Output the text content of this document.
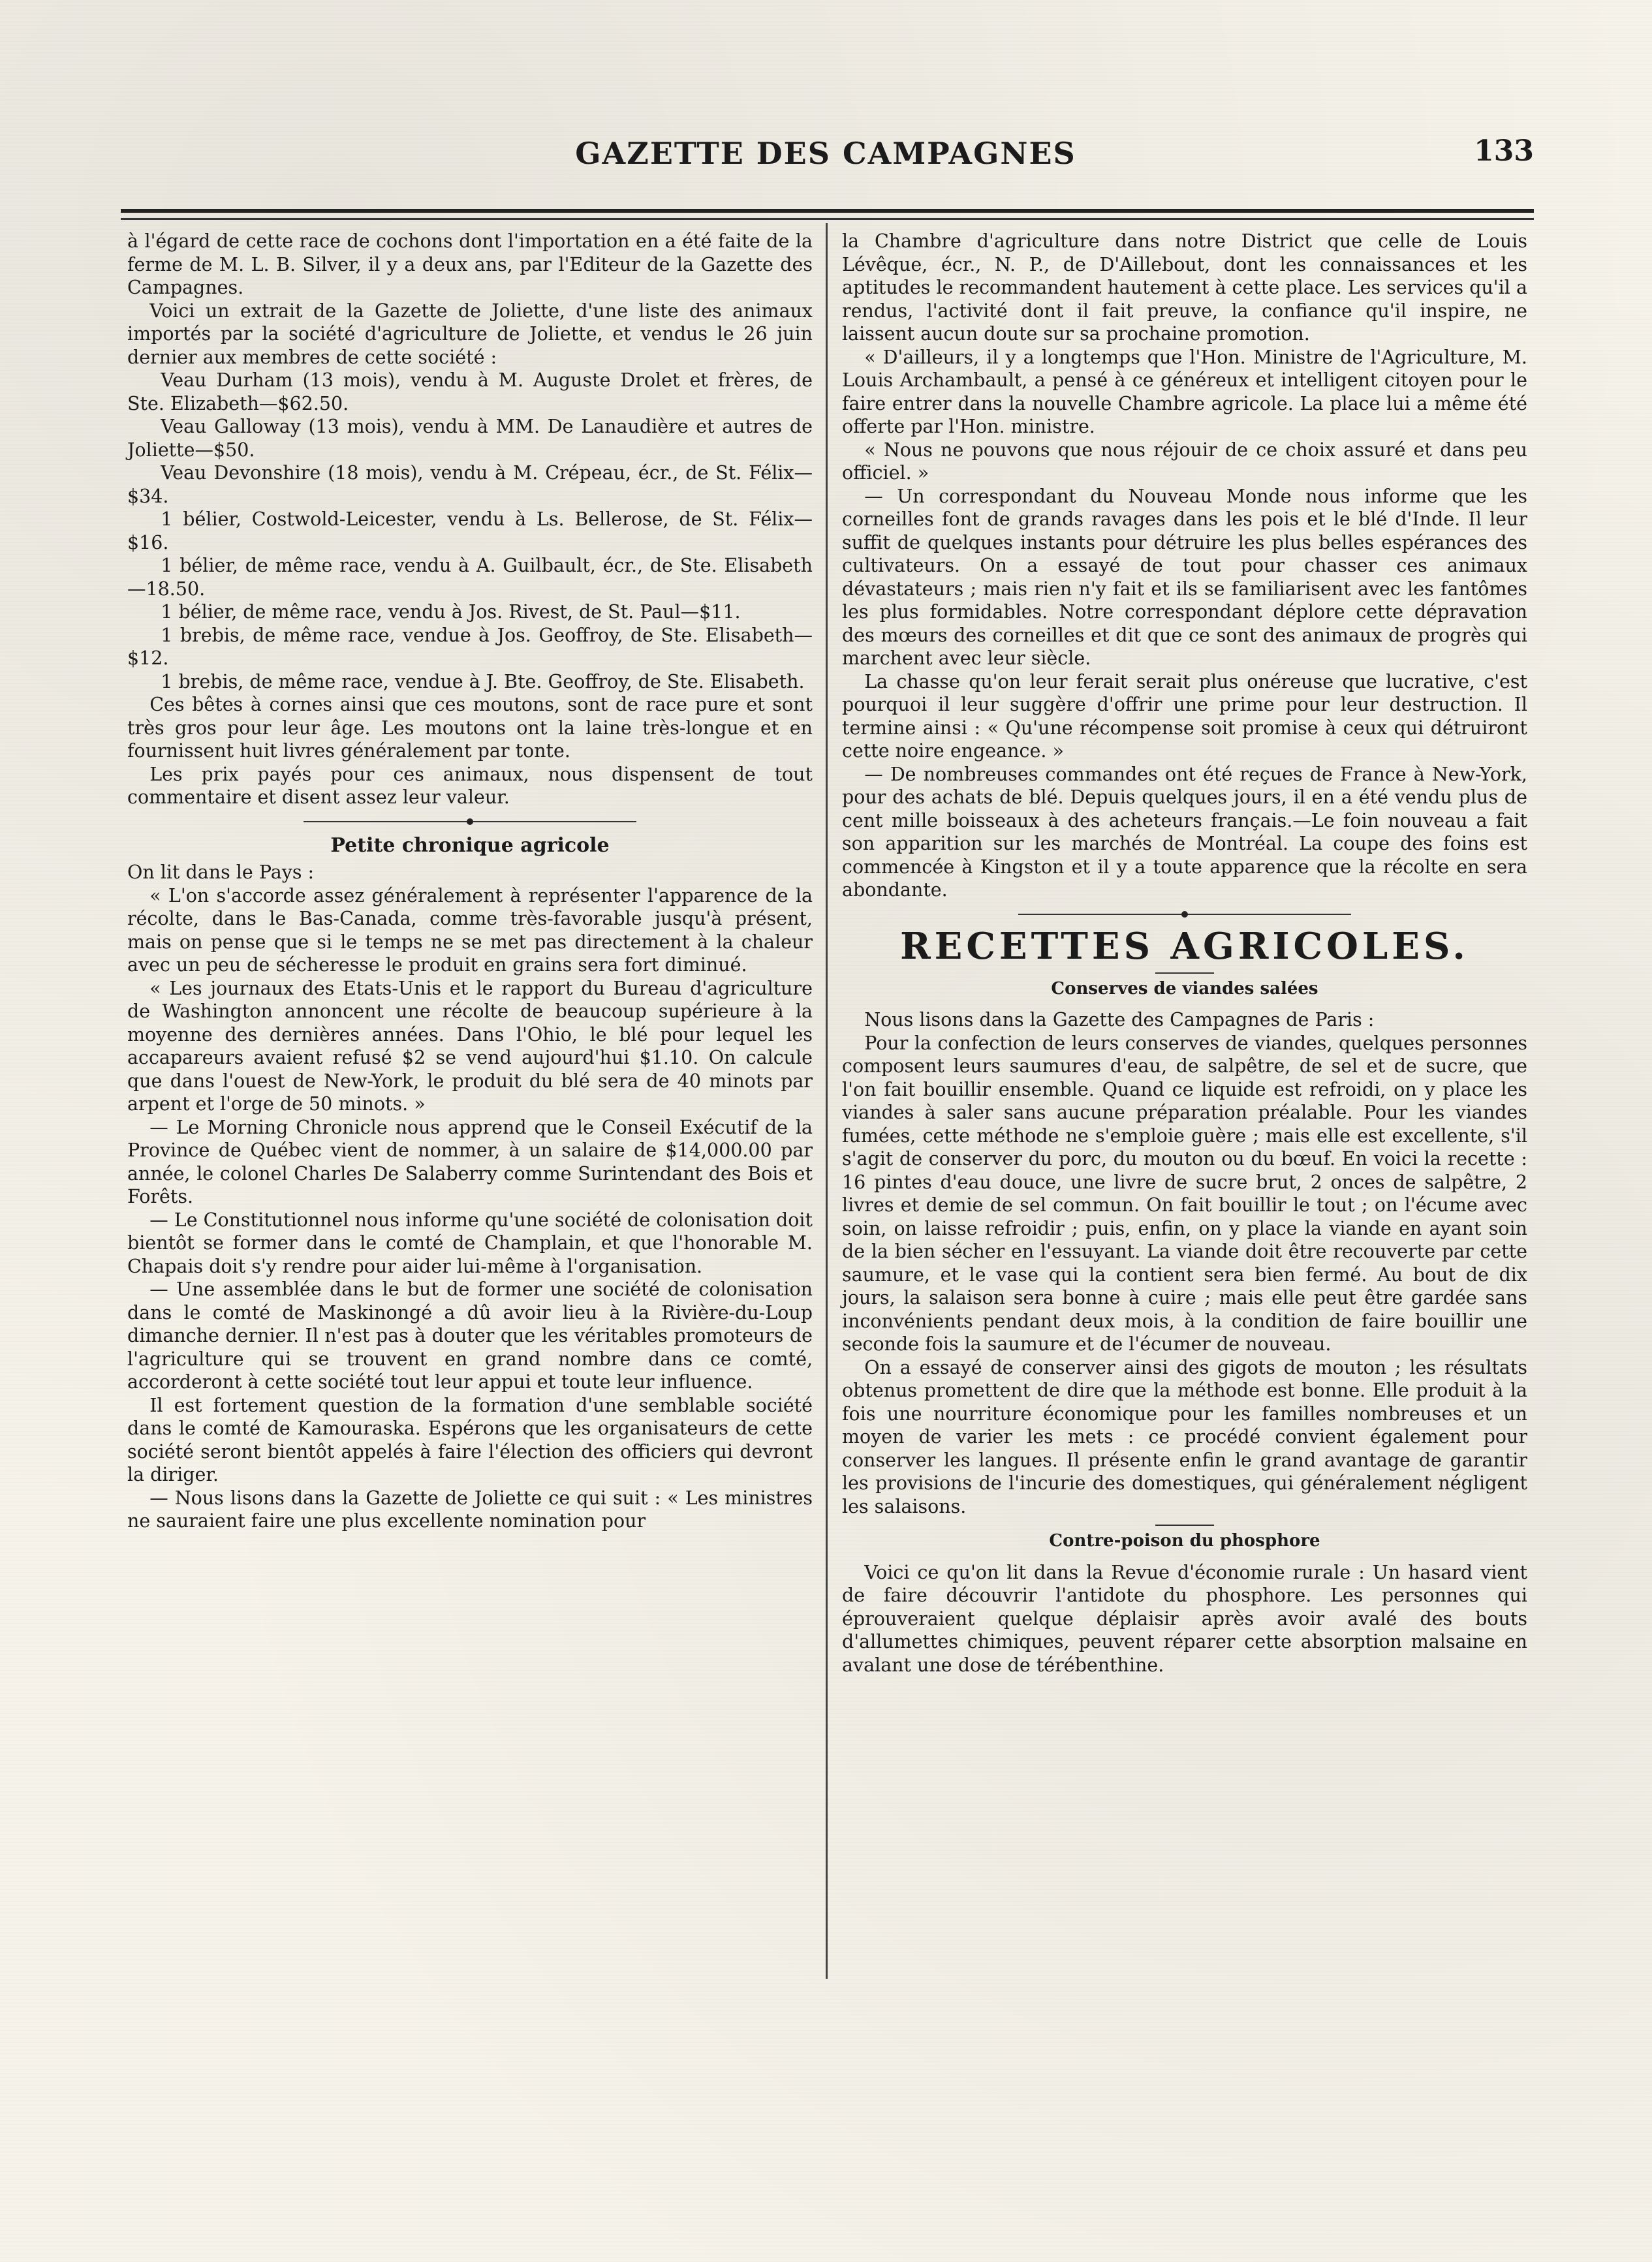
GAZETTE DES CAMPAGNES	133

à l'égard de cette race de cochons dont l'importation en a été faite de la ferme de M. L. B. Silver, il y a deux ans, par l'Editeur de la Gazette des Campagnes.

Voici un extrait de la Gazette de Joliette, d'une liste des animaux importés par la société d'agriculture de Joliette, et vendus le 26 juin dernier aux membres de cette société :

Veau Durham (13 mois), vendu à M. Auguste Drolet et frères, de Ste. Elizabeth—$62.50.

Veau Galloway (13 mois), vendu à MM. De Lanaudière et autres de Joliette—$50.

Veau Devonshire (18 mois), vendu à M. Crépeau, écr., de St. Félix—$34.

1 bélier, Costwold-Leicester, vendu à Ls. Bellerose, de St. Félix—$16.

1 bélier, de même race, vendu à A. Guilbault, écr., de Ste. Elisabeth—18.50.

1 bélier, de même race, vendu à Jos. Rivest, de St. Paul—$11.

1 brebis, de même race, vendue à Jos. Geoffroy, de Ste. Elisabeth—$12.

1 brebis, de même race, vendue à J. Bte. Geoffroy, de Ste. Elisabeth.

Ces bêtes à cornes ainsi que ces moutons, sont de race pure et sont très gros pour leur âge. Les moutons ont la laine très-longue et en fournissent huit livres généralement par tonte.

Les prix payés pour ces animaux, nous dispensent de tout commentaire et disent assez leur valeur.

Petite chronique agricole

On lit dans le Pays :

« L'on s'accorde assez généralement à représenter l'apparence de la récolte, dans le Bas-Canada, comme très-favorable jusqu'à présent, mais on pense que si le temps ne se met pas directement à la chaleur avec un peu de sécheresse le produit en grains sera fort diminué.

« Les journaux des Etats-Unis et le rapport du Bureau d'agriculture de Washington annoncent une récolte de beaucoup supérieure à la moyenne des dernières années. Dans l'Ohio, le blé pour lequel les accapareurs avaient refusé $2 se vend aujourd'hui $1.10. On calcule que dans l'ouest de New-York, le produit du blé sera de 40 minots par arpent et l'orge de 50 minots. »

— Le Morning Chronicle nous apprend que le Conseil Exécutif de la Province de Québec vient de nommer, à un salaire de $14,000.00 par année, le colonel Charles De Salaberry comme Surintendant des Bois et Forêts.

— Le Constitutionnel nous informe qu'une société de colonisation doit bientôt se former dans le comté de Champlain, et que l'honorable M. Chapais doit s'y rendre pour aider lui-même à l'organisation.

— Une assemblée dans le but de former une société de colonisation dans le comté de Maskinongé a dû avoir lieu à la Rivière-du-Loup dimanche dernier. Il n'est pas à douter que les véritables promoteurs de l'agriculture qui se trouvent en grand nombre dans ce comté, accorderont à cette société tout leur appui et toute leur influence.

Il est fortement question de la formation d'une semblable société dans le comté de Kamouraska. Espérons que les organisateurs de cette société seront bientôt appelés à faire l'élection des officiers qui devront la diriger.

— Nous lisons dans la Gazette de Joliette ce qui suit : « Les ministres ne sauraient faire une plus excellente nomination pour

la Chambre d'agriculture dans notre District que celle de Louis Lévêque, écr., N. P., de D'Aillebout, dont les connaissances et les aptitudes le recommandent hautement à cette place. Les services qu'il a rendus, l'activité dont il fait preuve, la confiance qu'il inspire, ne laissent aucun doute sur sa prochaine promotion.

« D'ailleurs, il y a longtemps que l'Hon. Ministre de l'Agriculture, M. Louis Archambault, a pensé à ce généreux et intelligent citoyen pour le faire entrer dans la nouvelle Chambre agricole. La place lui a même été offerte par l'Hon. ministre.

« Nous ne pouvons que nous réjouir de ce choix assuré et dans peu officiel. »

— Un correspondant du Nouveau Monde nous informe que les corneilles font de grands ravages dans les pois et le blé d'Inde. Il leur suffit de quelques instants pour détruire les plus belles espérances des cultivateurs. On a essayé de tout pour chasser ces animaux dévastateurs ; mais rien n'y fait et ils se familiarisent avec les fantômes les plus formidables. Notre correspondant déplore cette dépravation des mœurs des corneilles et dit que ce sont des animaux de progrès qui marchent avec leur siècle.

La chasse qu'on leur ferait serait plus onéreuse que lucrative, c'est pourquoi il leur suggère d'offrir une prime pour leur destruction. Il termine ainsi : « Qu'une récompense soit promise à ceux qui détruiront cette noire engeance. »

— De nombreuses commandes ont été reçues de France à New-York, pour des achats de blé. Depuis quelques jours, il en a été vendu plus de cent mille boisseaux à des acheteurs français.—Le foin nouveau a fait son apparition sur les marchés de Montréal. La coupe des foins est commencée à Kingston et il y a toute apparence que la récolte en sera abondante.

RECETTES AGRICOLES.
Conserves de viandes salées

Nous lisons dans la Gazette des Campagnes de Paris :

Pour la confection de leurs conserves de viandes, quelques personnes composent leurs saumures d'eau, de salpêtre, de sel et de sucre, que l'on fait bouillir ensemble. Quand ce liquide est refroidi, on y place les viandes à saler sans aucune préparation préalable. Pour les viandes fumées, cette méthode ne s'emploie guère ; mais elle est excellente, s'il s'agit de conserver du porc, du mouton ou du bœuf. En voici la recette : 16 pintes d'eau douce, une livre de sucre brut, 2 onces de salpêtre, 2 livres et demie de sel commun. On fait bouillir le tout ; on l'écume avec soin, on laisse refroidir ; puis, enfin, on y place la viande en ayant soin de la bien sécher en l'essuyant. La viande doit être recouverte par cette saumure, et le vase qui la contient sera bien fermé. Au bout de dix jours, la salaison sera bonne à cuire ; mais elle peut être gardée sans inconvénients pendant deux mois, à la condition de faire bouillir une seconde fois la saumure et de l'écumer de nouveau.

On a essayé de conserver ainsi des gigots de mouton ; les résultats obtenus promettent de dire que la méthode est bonne. Elle produit à la fois une nourriture économique pour les familles nombreuses et un moyen de varier les mets : ce procédé convient également pour conserver les langues. Il présente enfin le grand avantage de garantir les provisions de l'incurie des domestiques, qui généralement négligent les salaisons.

Contre-poison du phosphore

Voici ce qu'on lit dans la Revue d'économie rurale : Un hasard vient de faire découvrir l'antidote du phosphore. Les personnes qui éprouveraient quelque déplaisir après avoir avalé des bouts d'allumettes chimiques, peuvent réparer cette absorption malsaine en avalant une dose de térébenthine.
